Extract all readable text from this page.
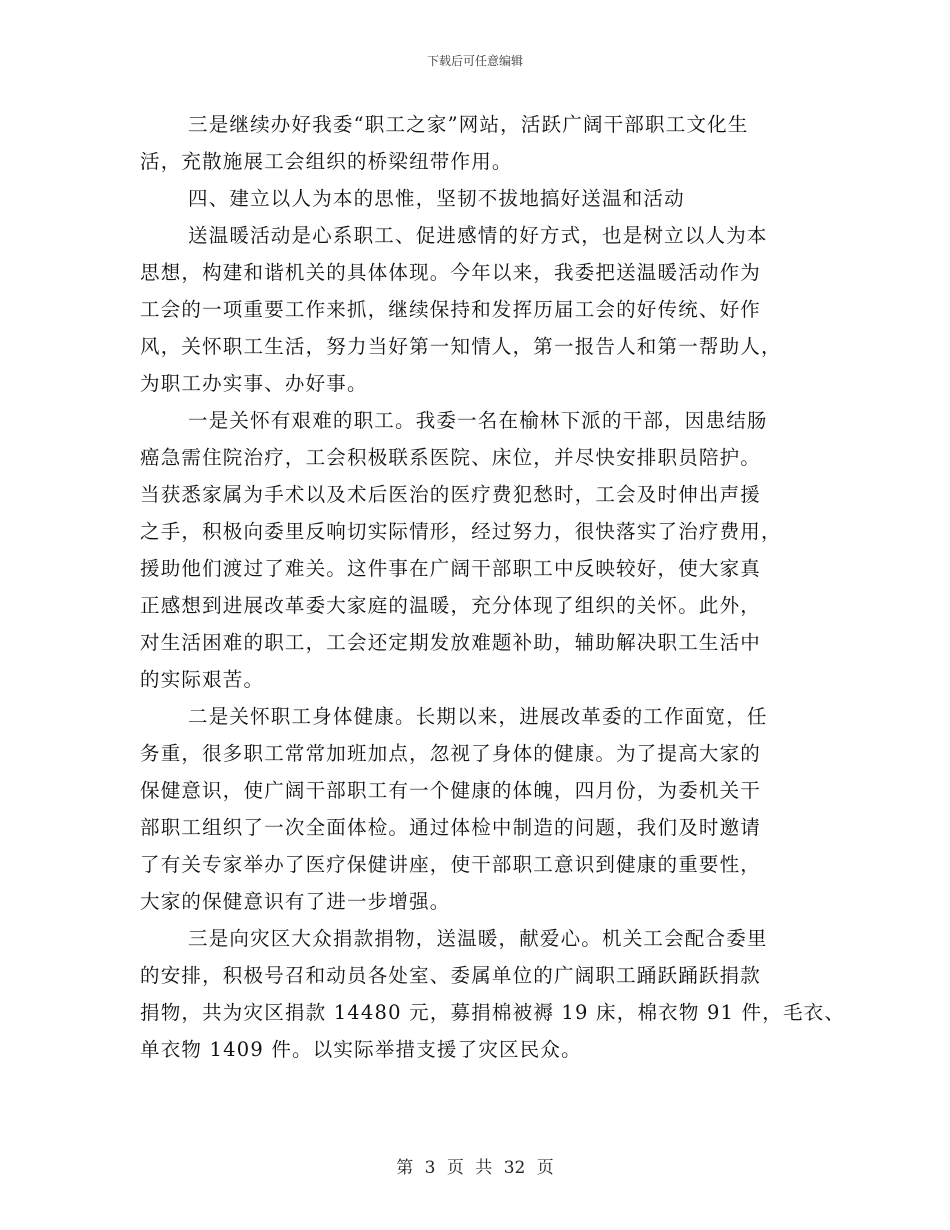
下载后可任意编辑
三是继续办好我委“职工之家”网站，活跃广阔干部职工文化生
活，充散施展工会组织的桥梁纽带作用。
四、建立以人为本的思惟，坚韧不拔地搞好送温和活动
送温暖活动是心系职工、促进感情的好方式，也是树立以人为本
思想，构建和谐机关的具体体现。今年以来，我委把送温暖活动作为
工会的一项重要工作来抓，继续保持和发挥历届工会的好传统、好作
风，关怀职工生活，努力当好第一知情人，第一报告人和第一帮助人，
为职工办实事、办好事。
一是关怀有艰难的职工。我委一名在榆林下派的干部，因患结肠
癌急需住院治疗，工会积极联系医院、床位，并尽快安排职员陪护。
当获悉家属为手术以及术后医治的医疗费犯愁时，工会及时伸出声援
之手，积极向委里反响切实际情形，经过努力，很快落实了治疗费用，
援助他们渡过了难关。这件事在广阔干部职工中反映较好，使大家真
正感想到进展改革委大家庭的温暖，充分体现了组织的关怀。此外，
对生活困难的职工，工会还定期发放难题补助，辅助解决职工生活中
的实际艰苦。
二是关怀职工身体健康。长期以来，进展改革委的工作面宽，任
务重，很多职工常常加班加点，忽视了身体的健康。为了提高大家的
保健意识，使广阔干部职工有一个健康的体魄，四月份，为委机关干
部职工组织了一次全面体检。通过体检中制造的问题，我们及时邀请
了有关专家举办了医疗保健讲座，使干部职工意识到健康的重要性，
大家的保健意识有了进一步增强。
三是向灾区大众捐款捐物，送温暖，献爱心。机关工会配合委里
的安排，积极号召和动员各处室、委属单位的广阔职工踊跃踊跃捐款
捐物，共为灾区捐款 14480 元，募捐棉被褥 19 床，棉衣物 91 件，毛衣、
单衣物 1409 件。以实际举措支援了灾区民众。
第 3 页 共 32 页
